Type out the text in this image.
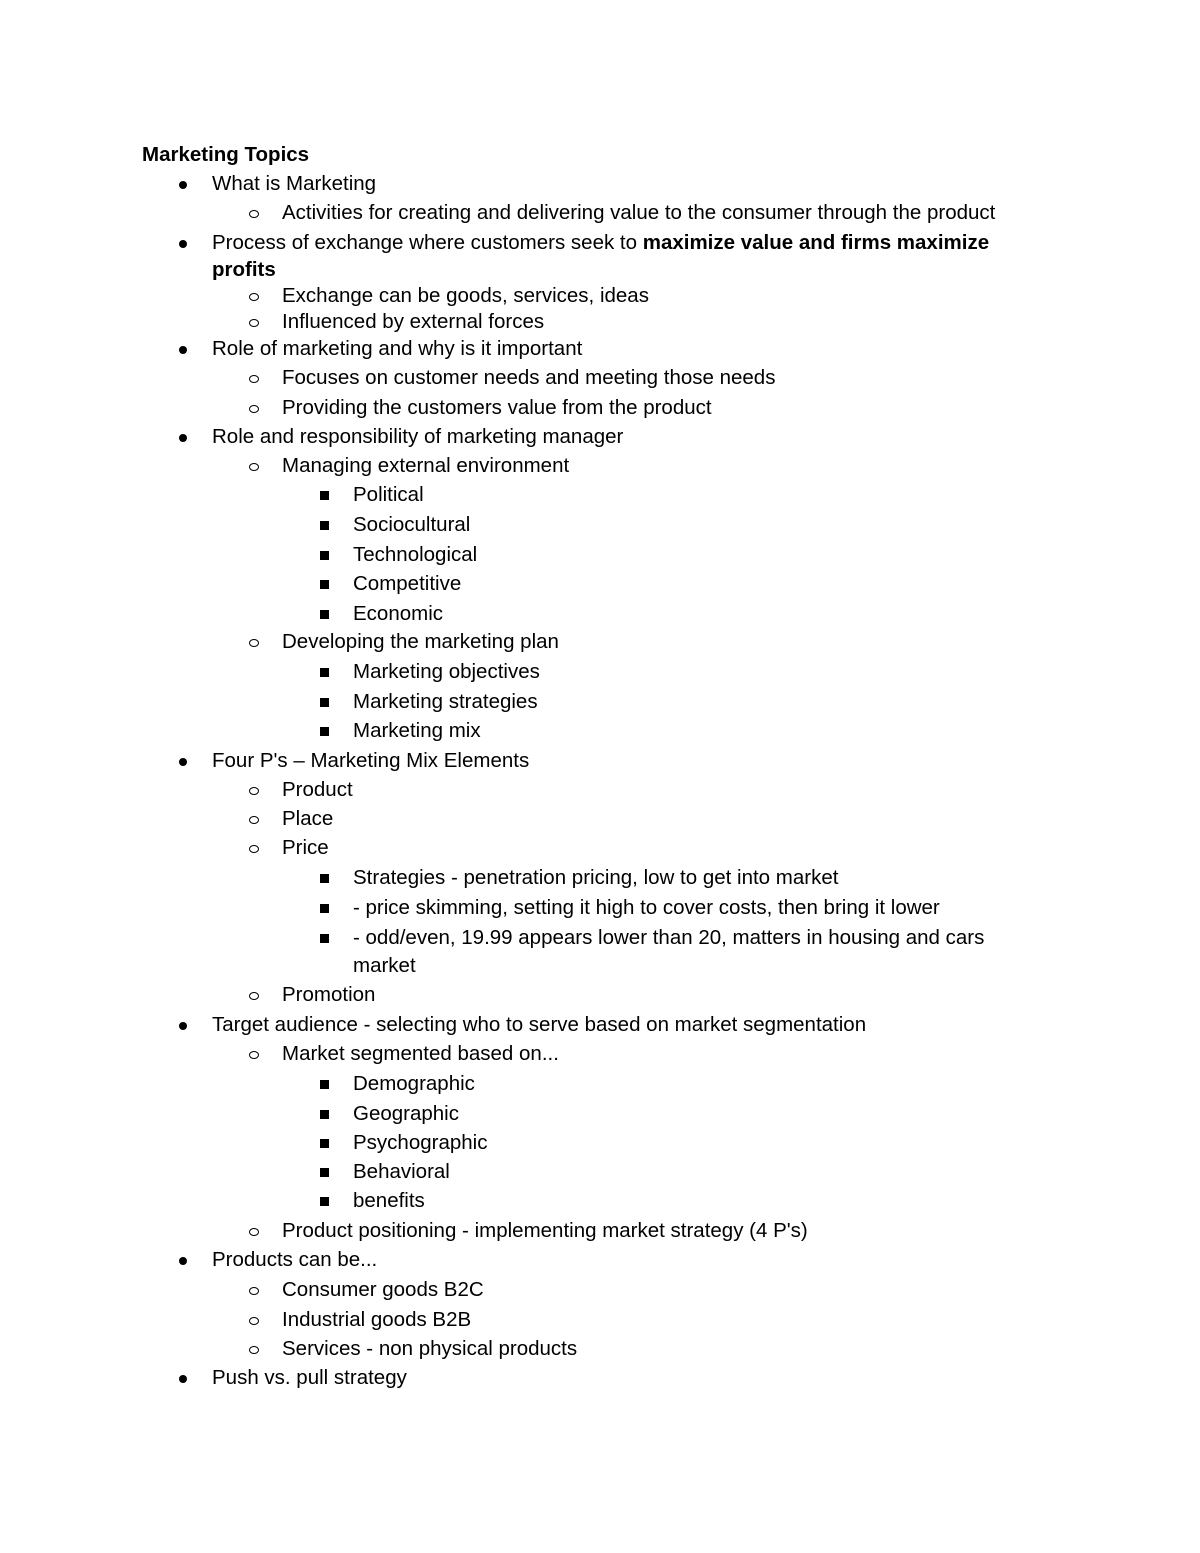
Marketing Topics
What is Marketing
Activities for creating and delivering value to the consumer through the product
Process of exchange where customers seek to maximize value and firms maximize
profits
Exchange can be goods, services, ideas
Influenced by external forces
Role of marketing and why is it important
Focuses on customer needs and meeting those needs
Providing the customers value from the product
Role and responsibility of marketing manager
Managing external environment
Political
Sociocultural
Technological
Competitive
Economic
Developing the marketing plan
Marketing objectives
Marketing strategies
Marketing mix
Four P's – Marketing Mix Elements
Product
Place
Price
Strategies - penetration pricing, low to get into market
- price skimming, setting it high to cover costs, then bring it lower
- odd/even, 19.99 appears lower than 20, matters in housing and cars
market
Promotion
Target audience - selecting who to serve based on market segmentation
Market segmented based on...
Demographic
Geographic
Psychographic
Behavioral
benefits
Product positioning - implementing market strategy (4 P's)
Products can be...
Consumer goods B2C
Industrial goods B2B
Services - non physical products
Push vs. pull strategy
